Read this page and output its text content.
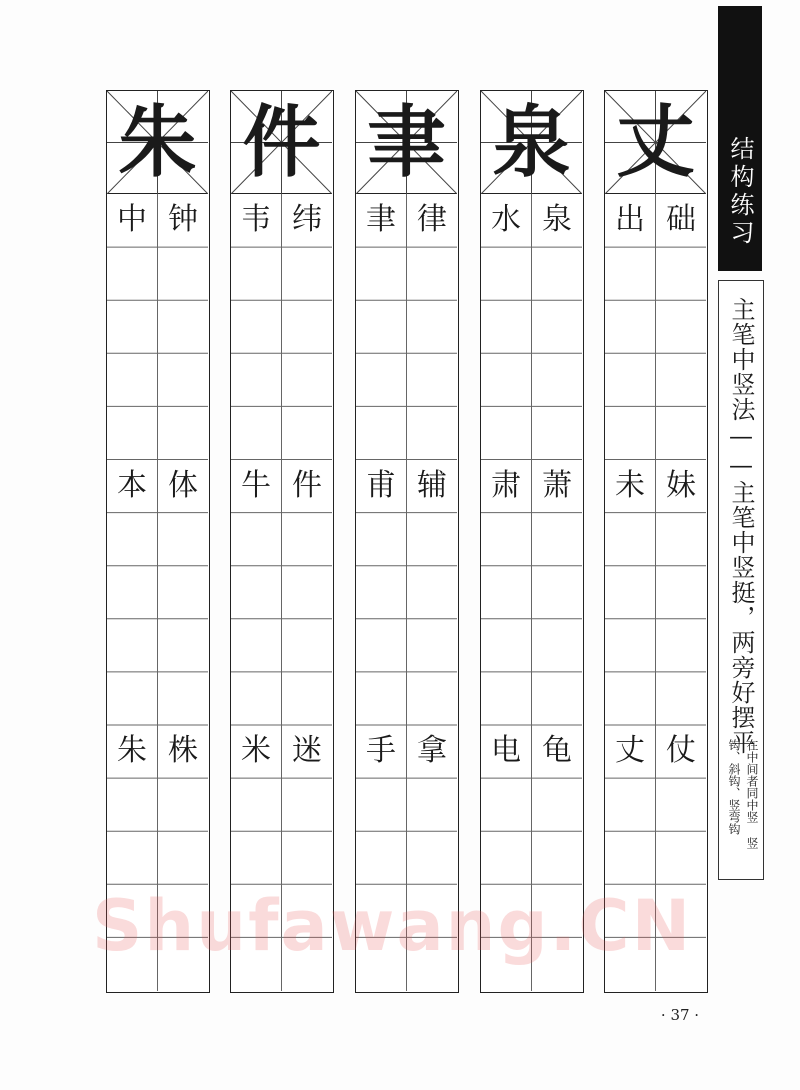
朱
中 钟
本 体
朱 株
件
韦 纬
牛 件
米 迷
聿
聿 律
甫 辅
手 拿
泉
水 泉
肃 萧
电 龟
丈
出 础
未 妹
丈 仗
结构练习
主笔中竖法——主笔中竖挺，两旁好摆平
在中间者同中竖 竖钩、斜钩、竖弯钩
Shufawang.CN
· 37 ·
